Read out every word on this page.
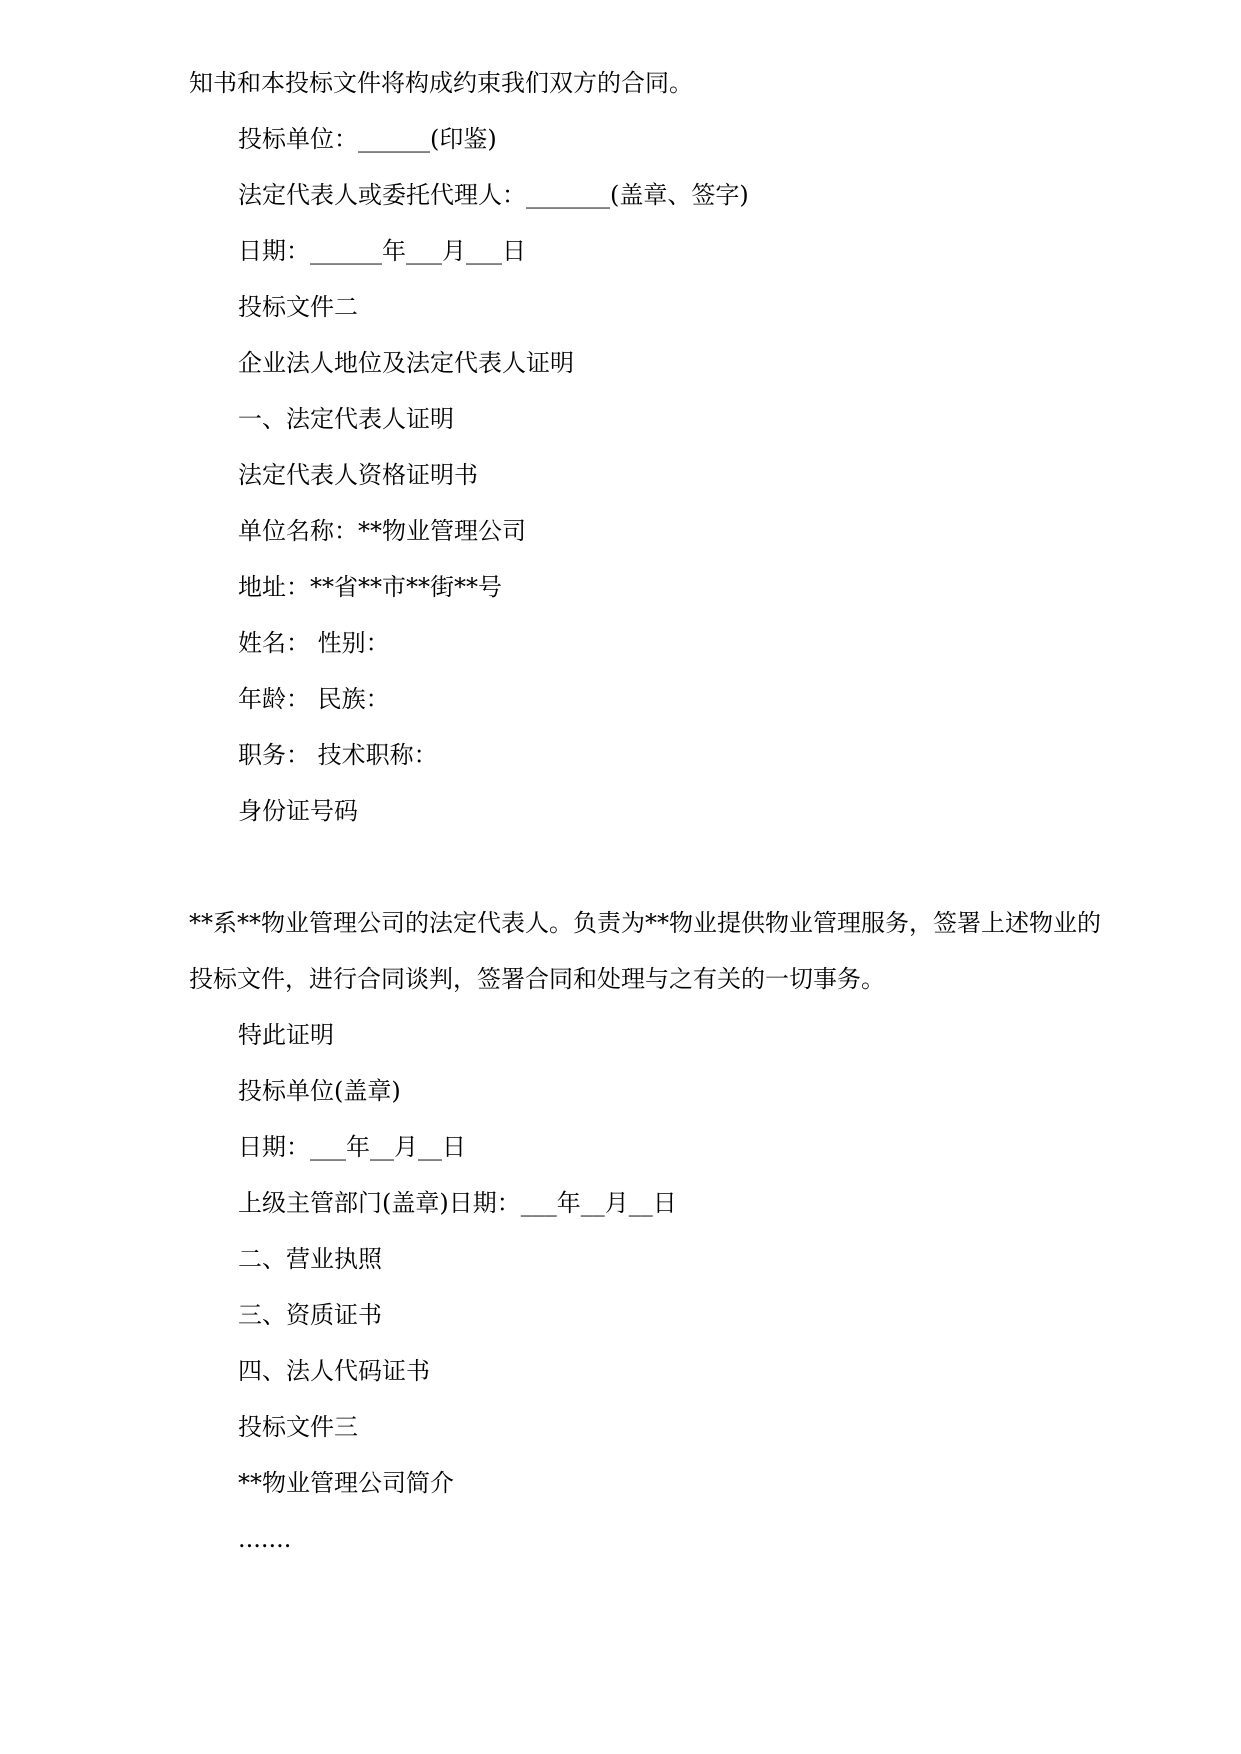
知书和本投标文件将构成约束我们双方的合同。
投标单位：______(印鉴)
法定代表人或委托代理人：_______(盖章、签字)
日期：______年___月___日
投标文件二
企业法人地位及法定代表人证明
一、法定代表人证明
法定代表人资格证明书
单位名称：**物业管理公司
地址：**省**市**街**号
姓名： 性别：
年龄： 民族：
职务： 技术职称：
身份证号码
**系**物业管理公司的法定代表人。负责为**物业提供物业管理服务，签署上述物业的
投标文件，进行合同谈判，签署合同和处理与之有关的一切事务。
特此证明
投标单位(盖章)
日期：___年__月__日
上级主管部门(盖章)日期：___年__月__日
二、营业执照
三、资质证书
四、法人代码证书
投标文件三
**物业管理公司简介
.......
